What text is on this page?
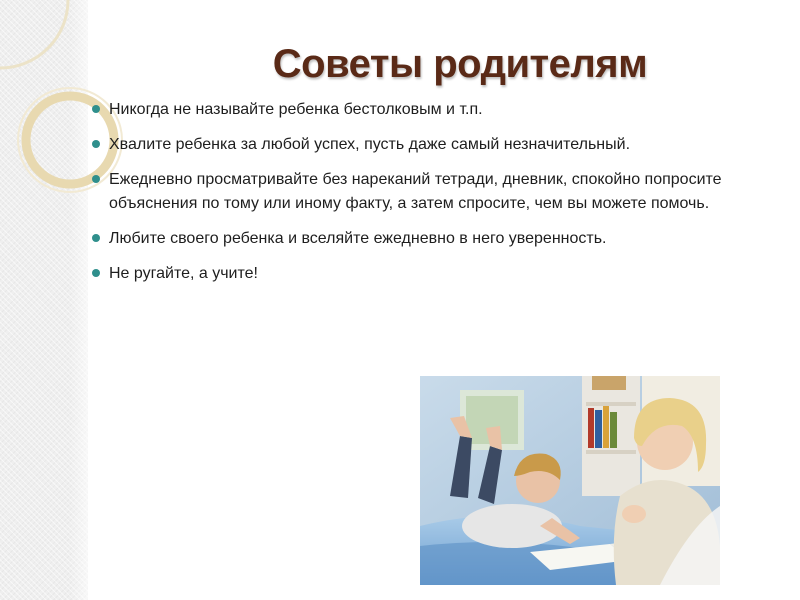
Советы родителям
Никогда не называйте ребенка бестолковым и т.п.
Хвалите ребенка за любой успех, пусть даже самый незначительный.
Ежедневно просматривайте без нареканий тетради, дневник, спокойно попросите объяснения по тому или иному факту, а затем спросите, чем вы можете помочь.
Любите своего ребенка и вселяйте ежедневно в него уверенность.
Не ругайте, а учите!
